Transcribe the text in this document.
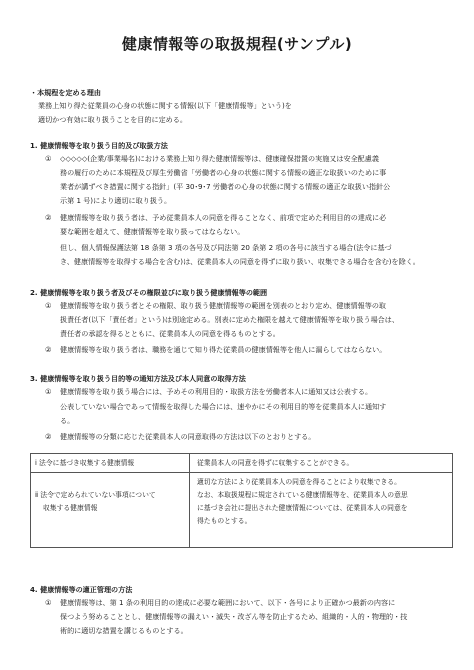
健康情報等の取扱規程(サンプル)
・本規程を定める理由
業務上知り得た従業員の心身の状態に関する情報(以下「健康情報等」という)を
適切かつ有効に取り扱うことを目的に定める。
1. 健康情報等を取り扱う目的及び取扱方法
① ◇◇◇◇◇(企業/事業場名)における業務上知り得た健康情報等は、健康確保措置の実施又は安全配慮義
務の履行のために本規程及び厚生労働省「労働者の心身の状態に関する情報の適正な取扱いのために事
業者が講ずべき措置に関する指針」(平 30･9･7 労働者の心身の状態に関する情報の適正な取扱い指針公
示第 1 号)により適切に取り扱う。
② 健康情報等を取り扱う者は、予め従業員本人の同意を得ることなく、前項で定めた利用目的の達成に必
要な範囲を超えて、健康情報等を取り扱ってはならない。
但し、個人情報保護法第 18 条第 3 項の各号及び同法第 20 条第 2 項の各号に該当する場合(法令に基づ
き、健康情報等を取得する場合を含む)は、従業員本人の同意を得ずに取り扱い、収集できる場合を含む)を除く。
2. 健康情報等を取り扱う者及びその権限並びに取り扱う健康情報等の範囲
① 健康情報等を取り扱う者とその権限、取り扱う健康情報等の範囲を別表のとおり定め、健康情報等の取
扱責任者(以下「責任者」という)は別途定める。別表に定めた権限を越えて健康情報等を取り扱う場合は、
責任者の承認を得るとともに、従業員本人の同意を得るものとする。
② 健康情報等を取り扱う者は、職務を通じて知り得た従業員の健康情報等を他人に漏らしてはならない。
3. 健康情報等を取り扱う目的等の通知方法及び本人同意の取得方法
① 健康情報等を取り扱う場合には、予めその利用目的・取扱方法を労働者本人に通知又は公表する。
公表していない場合であって情報を取得した場合には、速やかにその利用目的等を従業員本人に通知す
る。
② 健康情報等の分類に応じた従業員本人の同意取得の方法は以下のとおりとする。
ⅰ 法令に基づき収集する健康情報	従業員本人の同意を得ずに収集することができる。
ⅱ 法令で定められていない事項について
収集する健康情報
適切な方法により従業員本人の同意を得ることにより収集できる。
なお、本取扱規程に規定されている健康情報等を、従業員本人の意思
に基づき会社に提出された健康情報については、従業員本人の同意を
得たものとする。
4. 健康情報等の適正管理の方法
① 健康情報等は、第 1 条の利用目的の達成に必要な範囲において、以下・各号により正確かつ最新の内容に
保つよう努めることとし、健康情報等の漏えい・滅失・改ざん等を防止するため、組織的・人的・物理的・技
術的に適切な措置を講じるものとする。
